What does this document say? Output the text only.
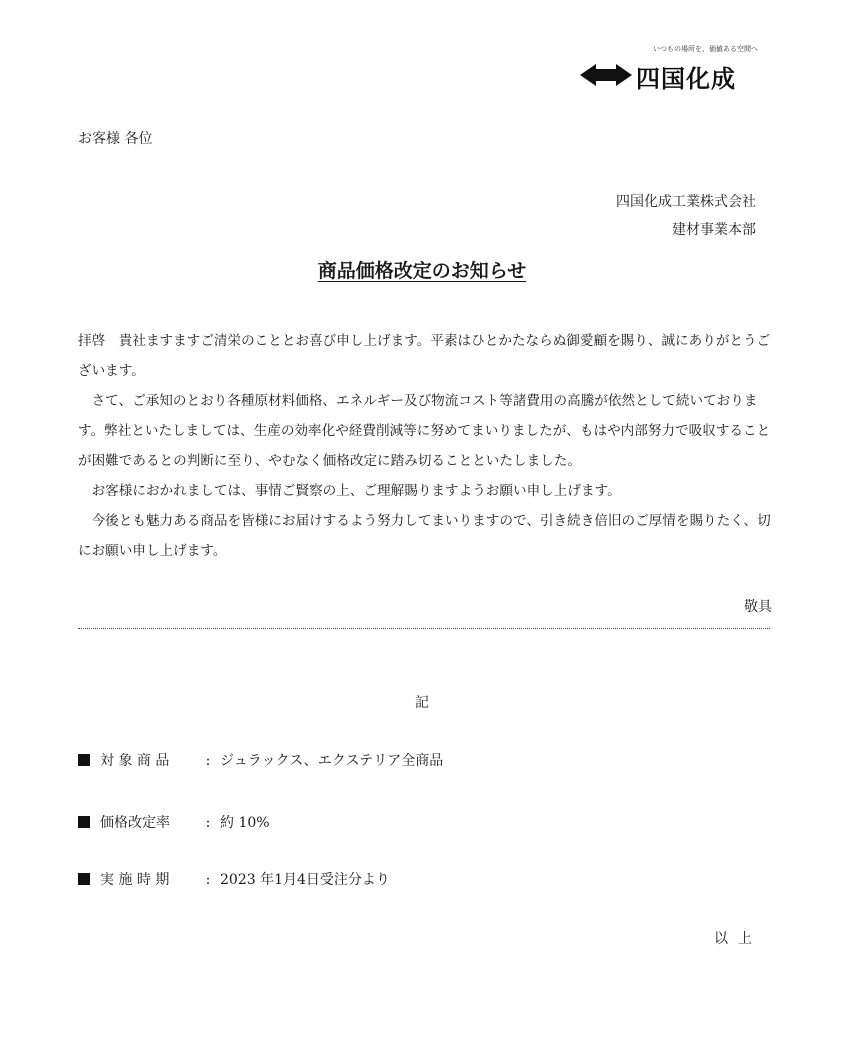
いつもの場所を、価値ある空間へ
四国化成
お客様 各位
四国化成工業株式会社
建材事業本部
商品価格改定のお知らせ

拝啓　貴社ますますご清栄のこととお喜び申し上げます。平素はひとかたならぬ御愛顧を賜り、誠にありがとうございます。

さて、ご承知のとおり各種原材料価格、エネルギー及び物流コスト等諸費用の高騰が依然として続いております。弊社といたしましては、生産の効率化や経費削減等に努めてまいりましたが、もはや内部努力で吸収することが困難であるとの判断に至り、やむなく価格改定に踏み切ることといたしました。

お客様におかれましては、事情ご賢察の上、ご理解賜りますようお願い申し上げます。

今後とも魅力ある商品を皆様にお届けするよう努力してまいりますので、引き続き倍旧のご厚情を賜りたく、切にお願い申し上げます。

敬具
記
対 象 商 品	: ジュラックス、エクステリア全商品
価格改定率	: 約 10%
実 施 時 期	: 2023 年1月4日受注分より
以上
